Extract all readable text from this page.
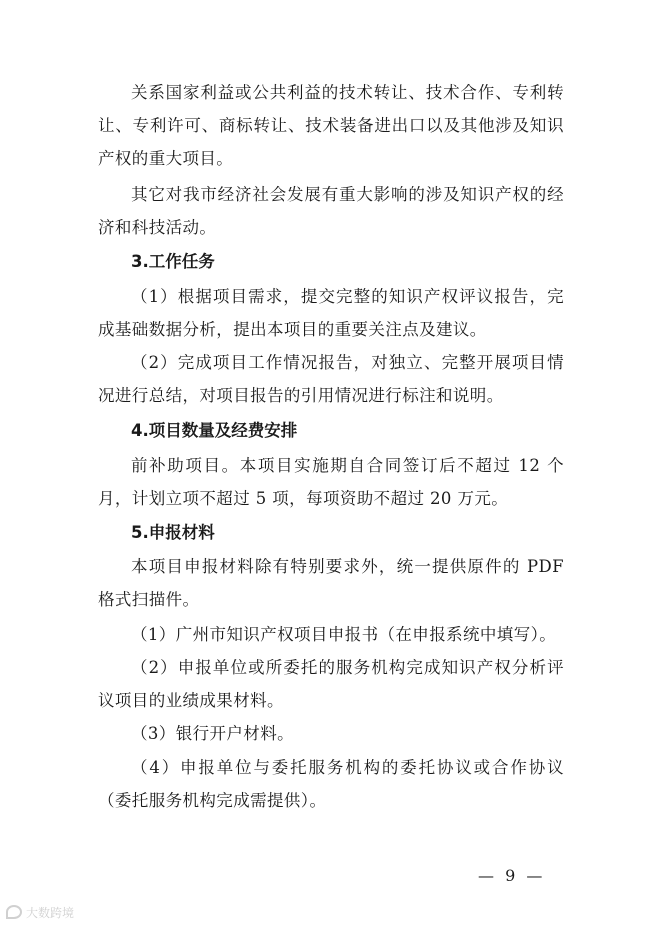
关系国家利益或公共利益的技术转让、技术合作、专利转让、专利许可、商标转让、技术装备进出口以及其他涉及知识产权的重大项目。

其它对我市经济社会发展有重大影响的涉及知识产权的经济和科技活动。

3.工作任务

（1）根据项目需求，提交完整的知识产权评议报告，完成基础数据分析，提出本项目的重要关注点及建议。

（2）完成项目工作情况报告，对独立、完整开展项目情况进行总结，对项目报告的引用情况进行标注和说明。

4.项目数量及经费安排

前补助项目。本项目实施期自合同签订后不超过 12 个月，计划立项不超过 5 项，每项资助不超过 20 万元。

5.申报材料

本项目申报材料除有特别要求外，统一提供原件的 PDF 格式扫描件。

（1）广州市知识产权项目申报书（在申报系统中填写）。

（2）申报单位或所委托的服务机构完成知识产权分析评议项目的业绩成果材料。

（3）银行开户材料。

（4）申报单位与委托服务机构的委托协议或合作协议（委托服务机构完成需提供）。

— 9 —
大数跨境
